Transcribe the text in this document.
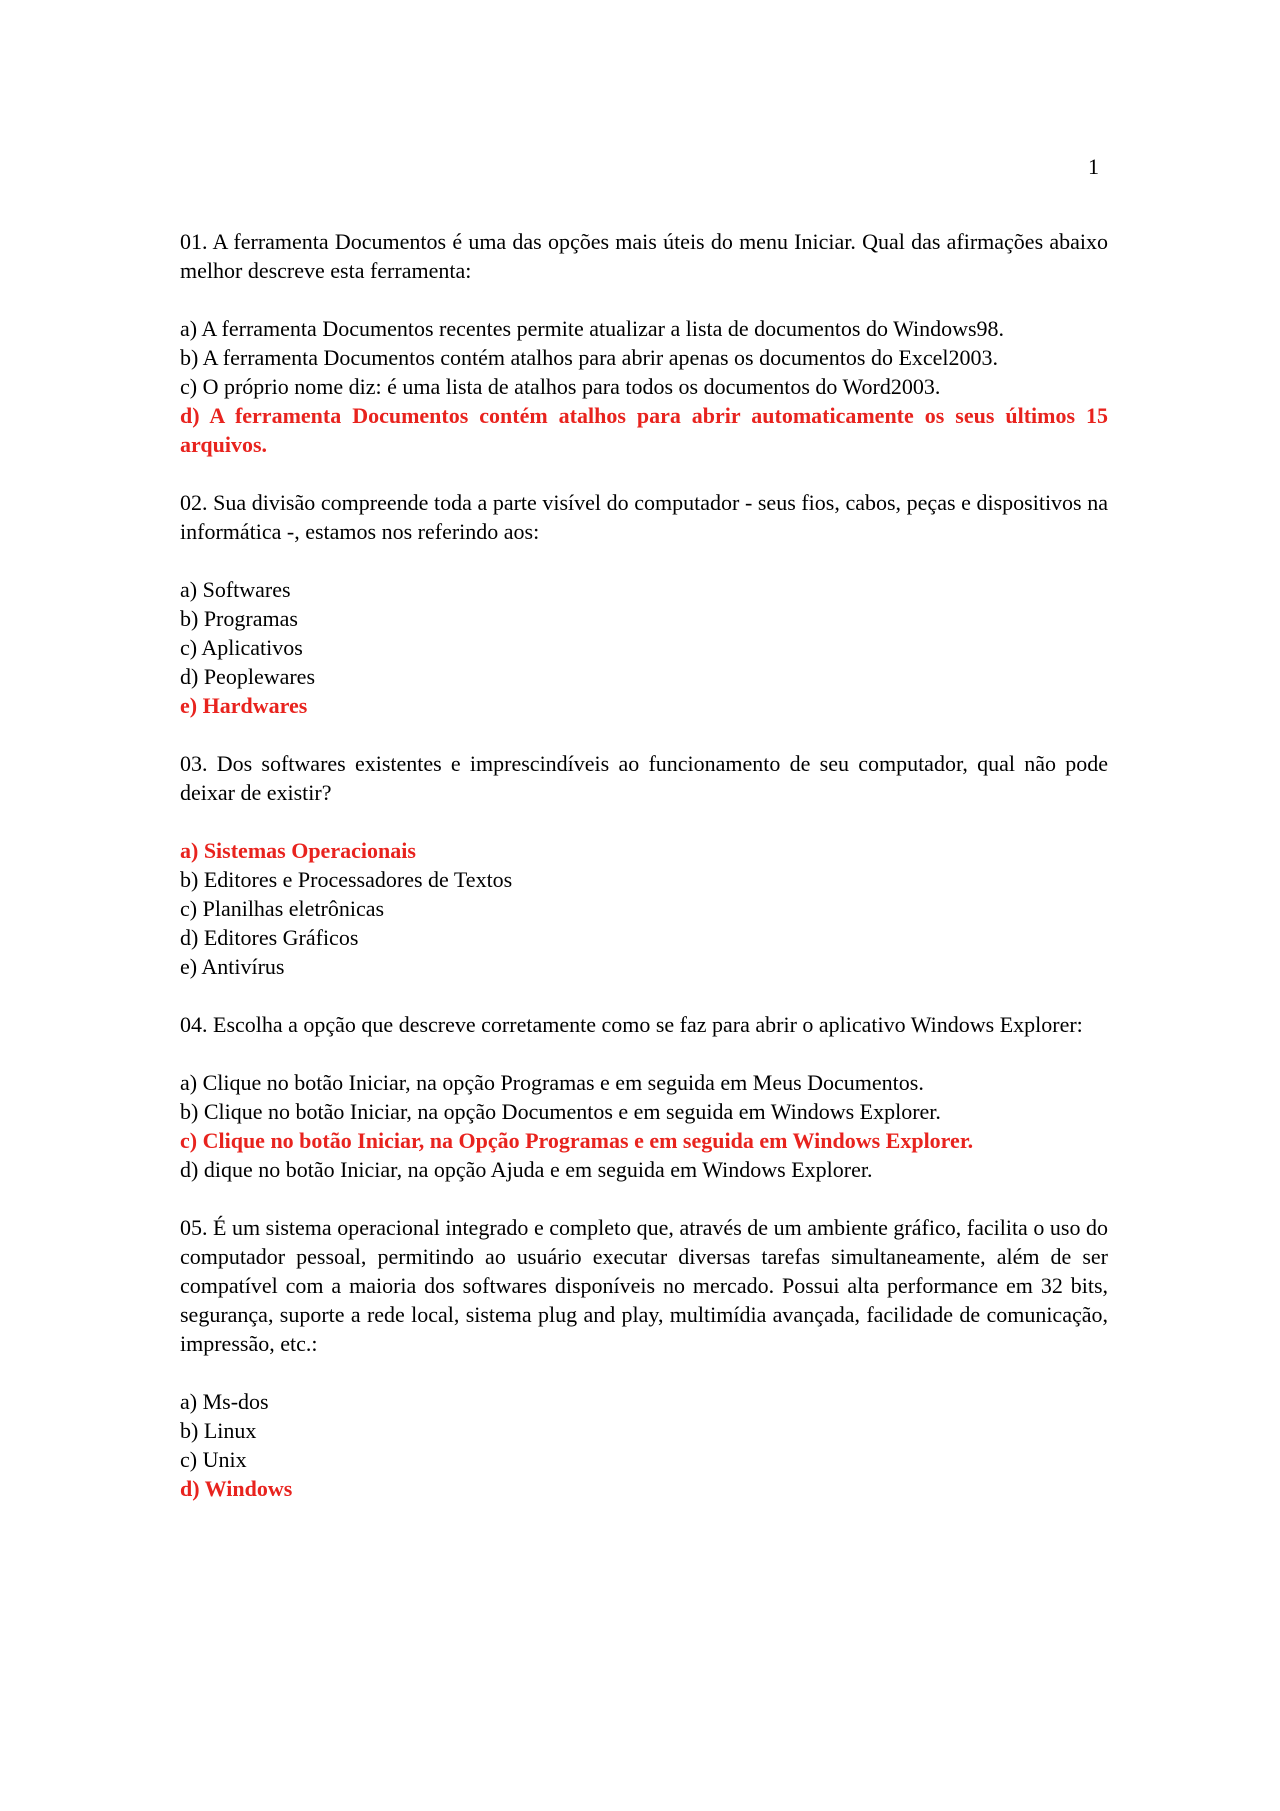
1

01. A ferramenta Documentos é uma das opções mais úteis do menu Iniciar. Qual das afirmações abaixo melhor descreve esta ferramenta:

a) A ferramenta Documentos recentes permite atualizar a lista de documentos do Windows98.

b) A ferramenta Documentos contém atalhos para abrir apenas os documentos do Excel2003.

c) O próprio nome diz: é uma lista de atalhos para todos os documentos do Word2003.

d) A ferramenta Documentos contém atalhos para abrir automaticamente os seus últimos 15 arquivos.

02. Sua divisão compreende toda a parte visível do computador - seus fios, cabos, peças e dispositivos na informática -, estamos nos referindo aos:

a) Softwares

b) Programas

c) Aplicativos

d) Peoplewares

e) Hardwares

03. Dos softwares existentes e imprescindíveis ao funcionamento de seu computador, qual não pode deixar de existir?

a) Sistemas Operacionais

b) Editores e Processadores de Textos

c) Planilhas eletrônicas

d) Editores Gráficos

e) Antivírus

04. Escolha a opção que descreve corretamente como se faz para abrir o aplicativo Windows Explorer:

a) Clique no botão Iniciar, na opção Programas e em seguida em Meus Documentos.

b) Clique no botão Iniciar, na opção Documentos e em seguida em Windows Explorer.

c) Clique no botão Iniciar, na Opção Programas e em seguida em Windows Explorer.

d) dique no botão Iniciar, na opção Ajuda e em seguida em Windows Explorer.

05. É um sistema operacional integrado e completo que, através de um ambiente gráfico, facilita o uso do computador pessoal, permitindo ao usuário executar diversas tarefas simultaneamente, além de ser compatível com a maioria dos softwares disponíveis no mercado. Possui alta performance em 32 bits, segurança, suporte a rede local, sistema plug and play, multimídia avançada, facilidade de comunicação, impressão, etc.:

a) Ms-dos

b) Linux

c) Unix

d) Windows
